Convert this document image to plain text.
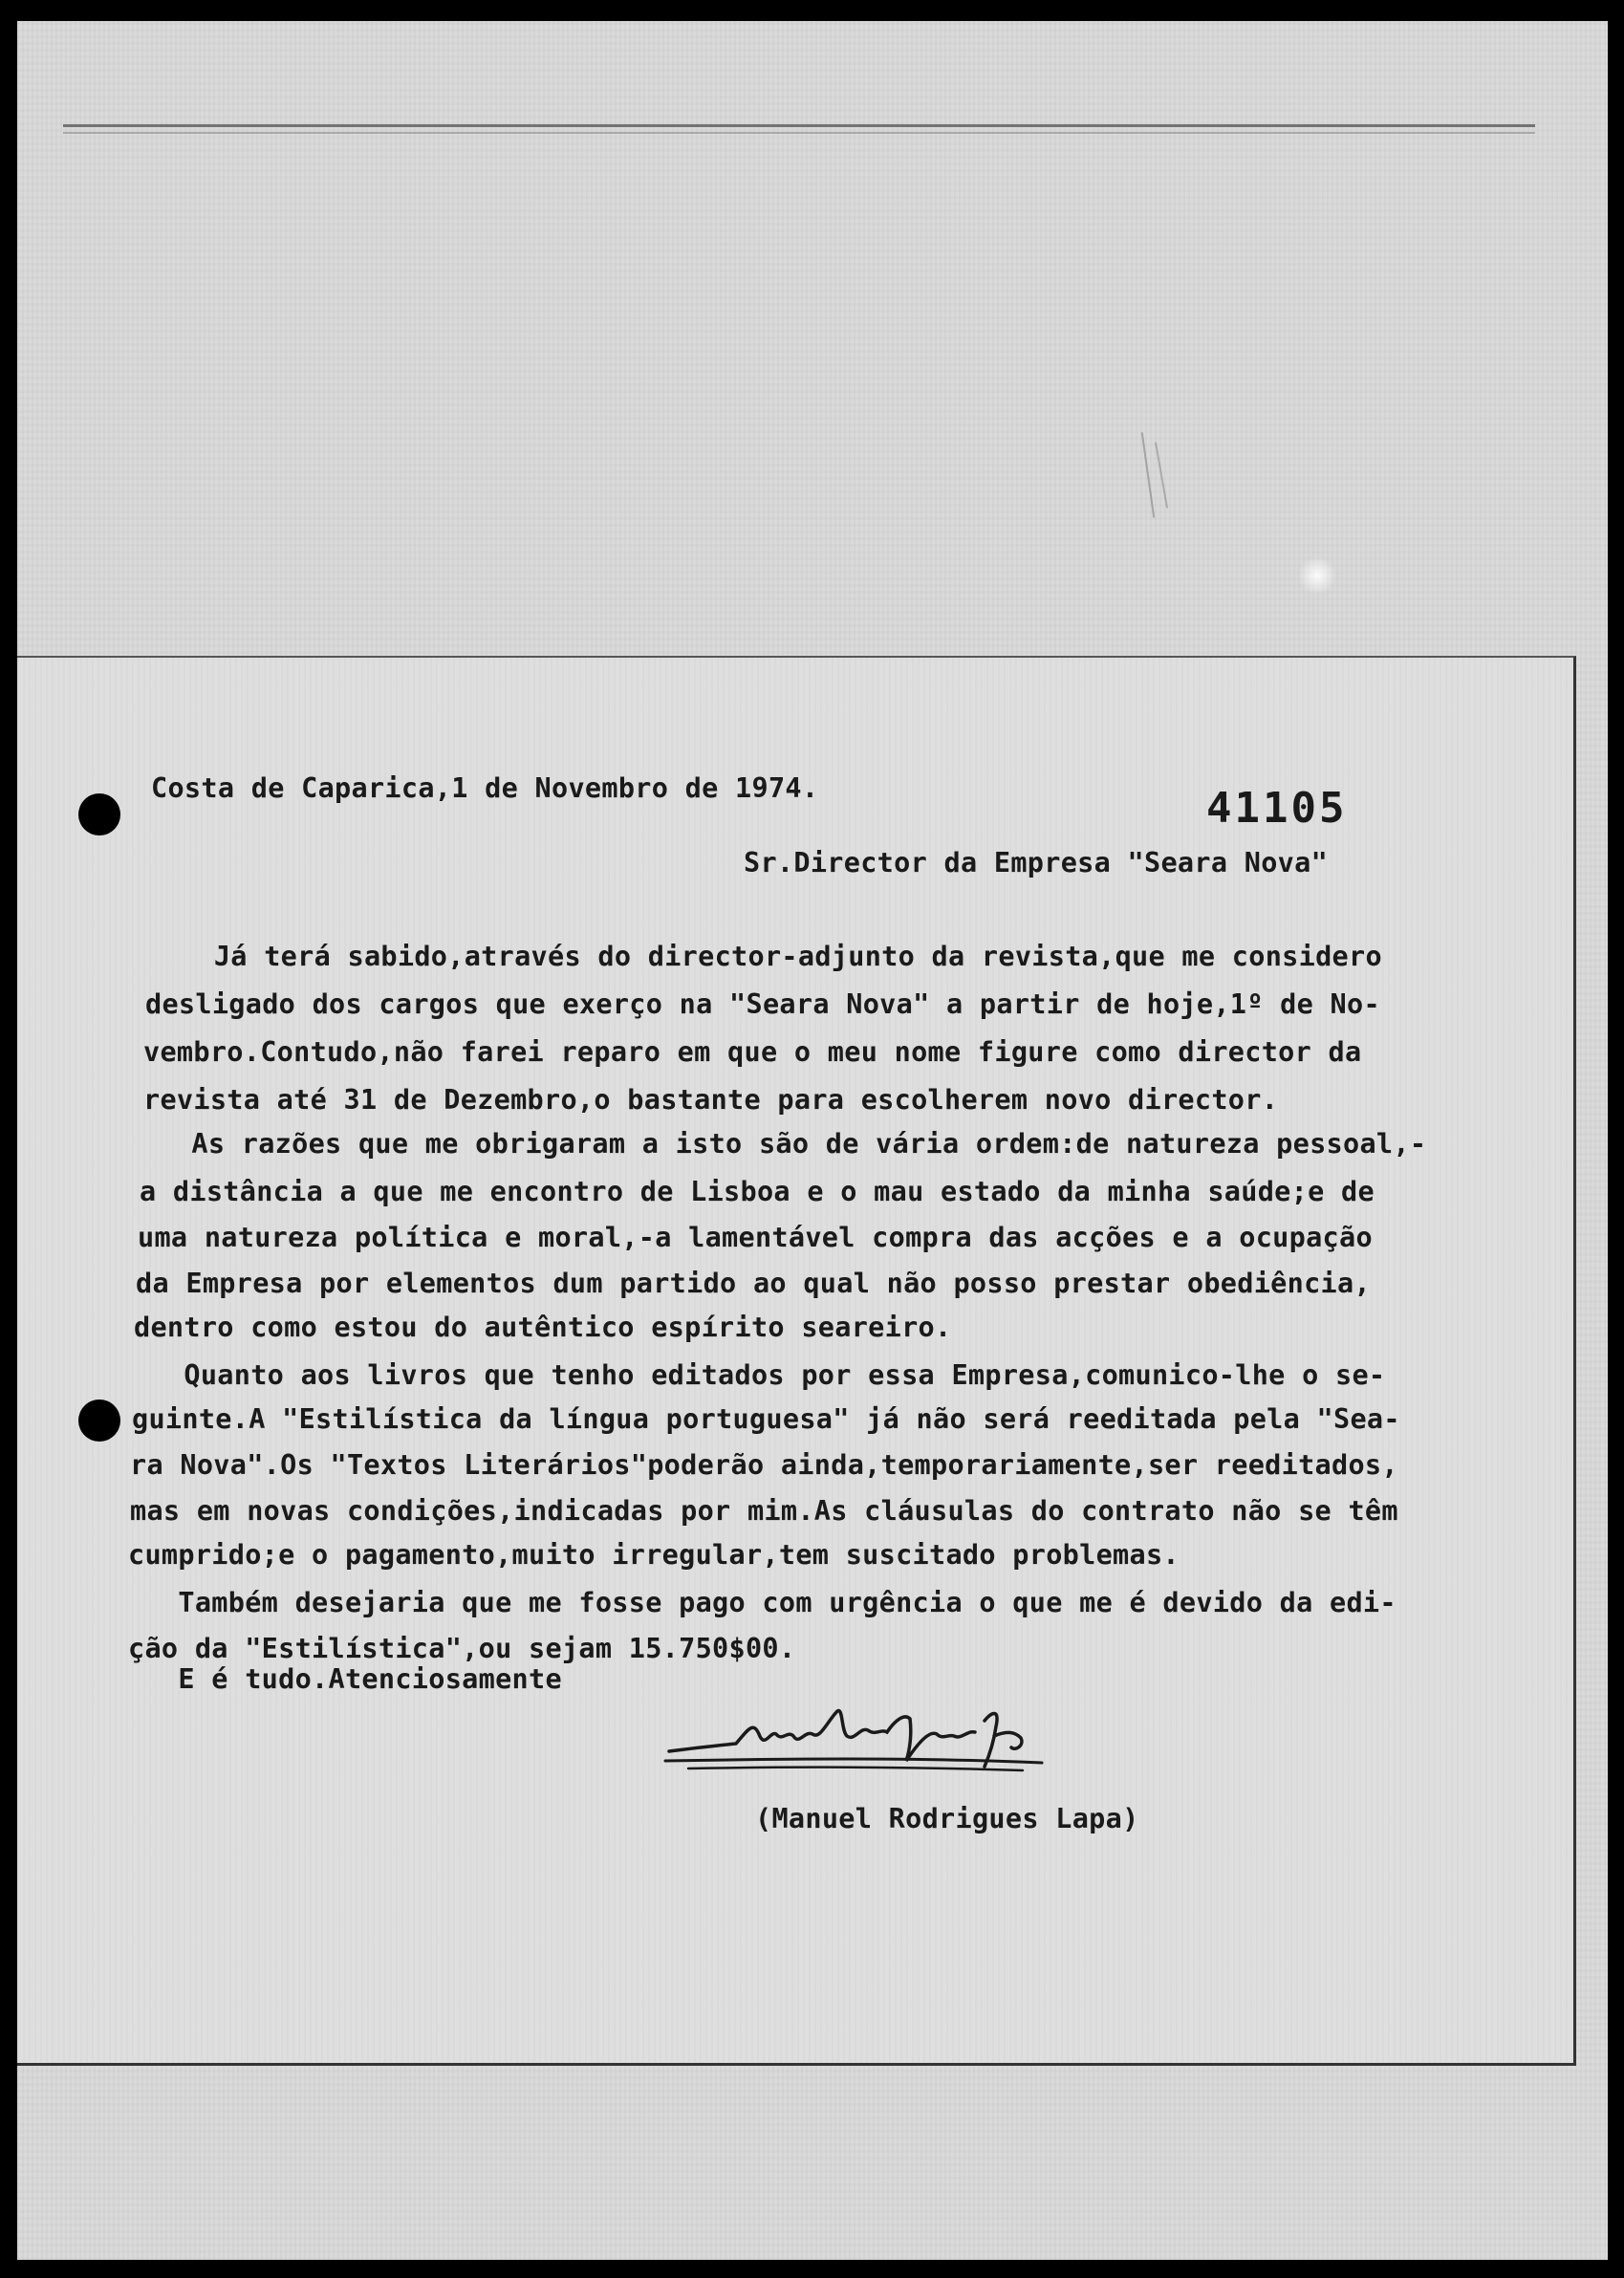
Costa de Caparica,1 de Novembro de 1974.	41105
Sr.Director da Empresa "Seara Nova"
Já terá sabido,através do director-adjunto da revista,que me considero
desligado dos cargos que exerço na "Seara Nova" a partir de hoje,1º de No-
vembro.Contudo,não farei reparo em que o meu nome figure como director da
revista até 31 de Dezembro,o bastante para escolherem novo director.
As razões que me obrigaram a isto são de vária ordem:de natureza pessoal,-
a distância a que me encontro de Lisboa e o mau estado da minha saúde;e de
uma natureza política e moral,-a lamentável compra das acções e a ocupação
da Empresa por elementos dum partido ao qual não posso prestar obediência,
dentro como estou do autêntico espírito seareiro.
Quanto aos livros que tenho editados por essa Empresa,comunico-lhe o se-
guinte.A "Estilística da língua portuguesa" já não será reeditada pela "Sea-
ra Nova".Os "Textos Literários"poderão ainda,temporariamente,ser reeditados,
mas em novas condições,indicadas por mim.As cláusulas do contrato não se têm
cumprido;e o pagamento,muito irregular,tem suscitado problemas.
Também desejaria que me fosse pago com urgência o que me é devido da edi-
ção da "Estilística",ou sejam 15.750$00.
E é tudo.Atenciosamente
(Manuel Rodrigues Lapa)
